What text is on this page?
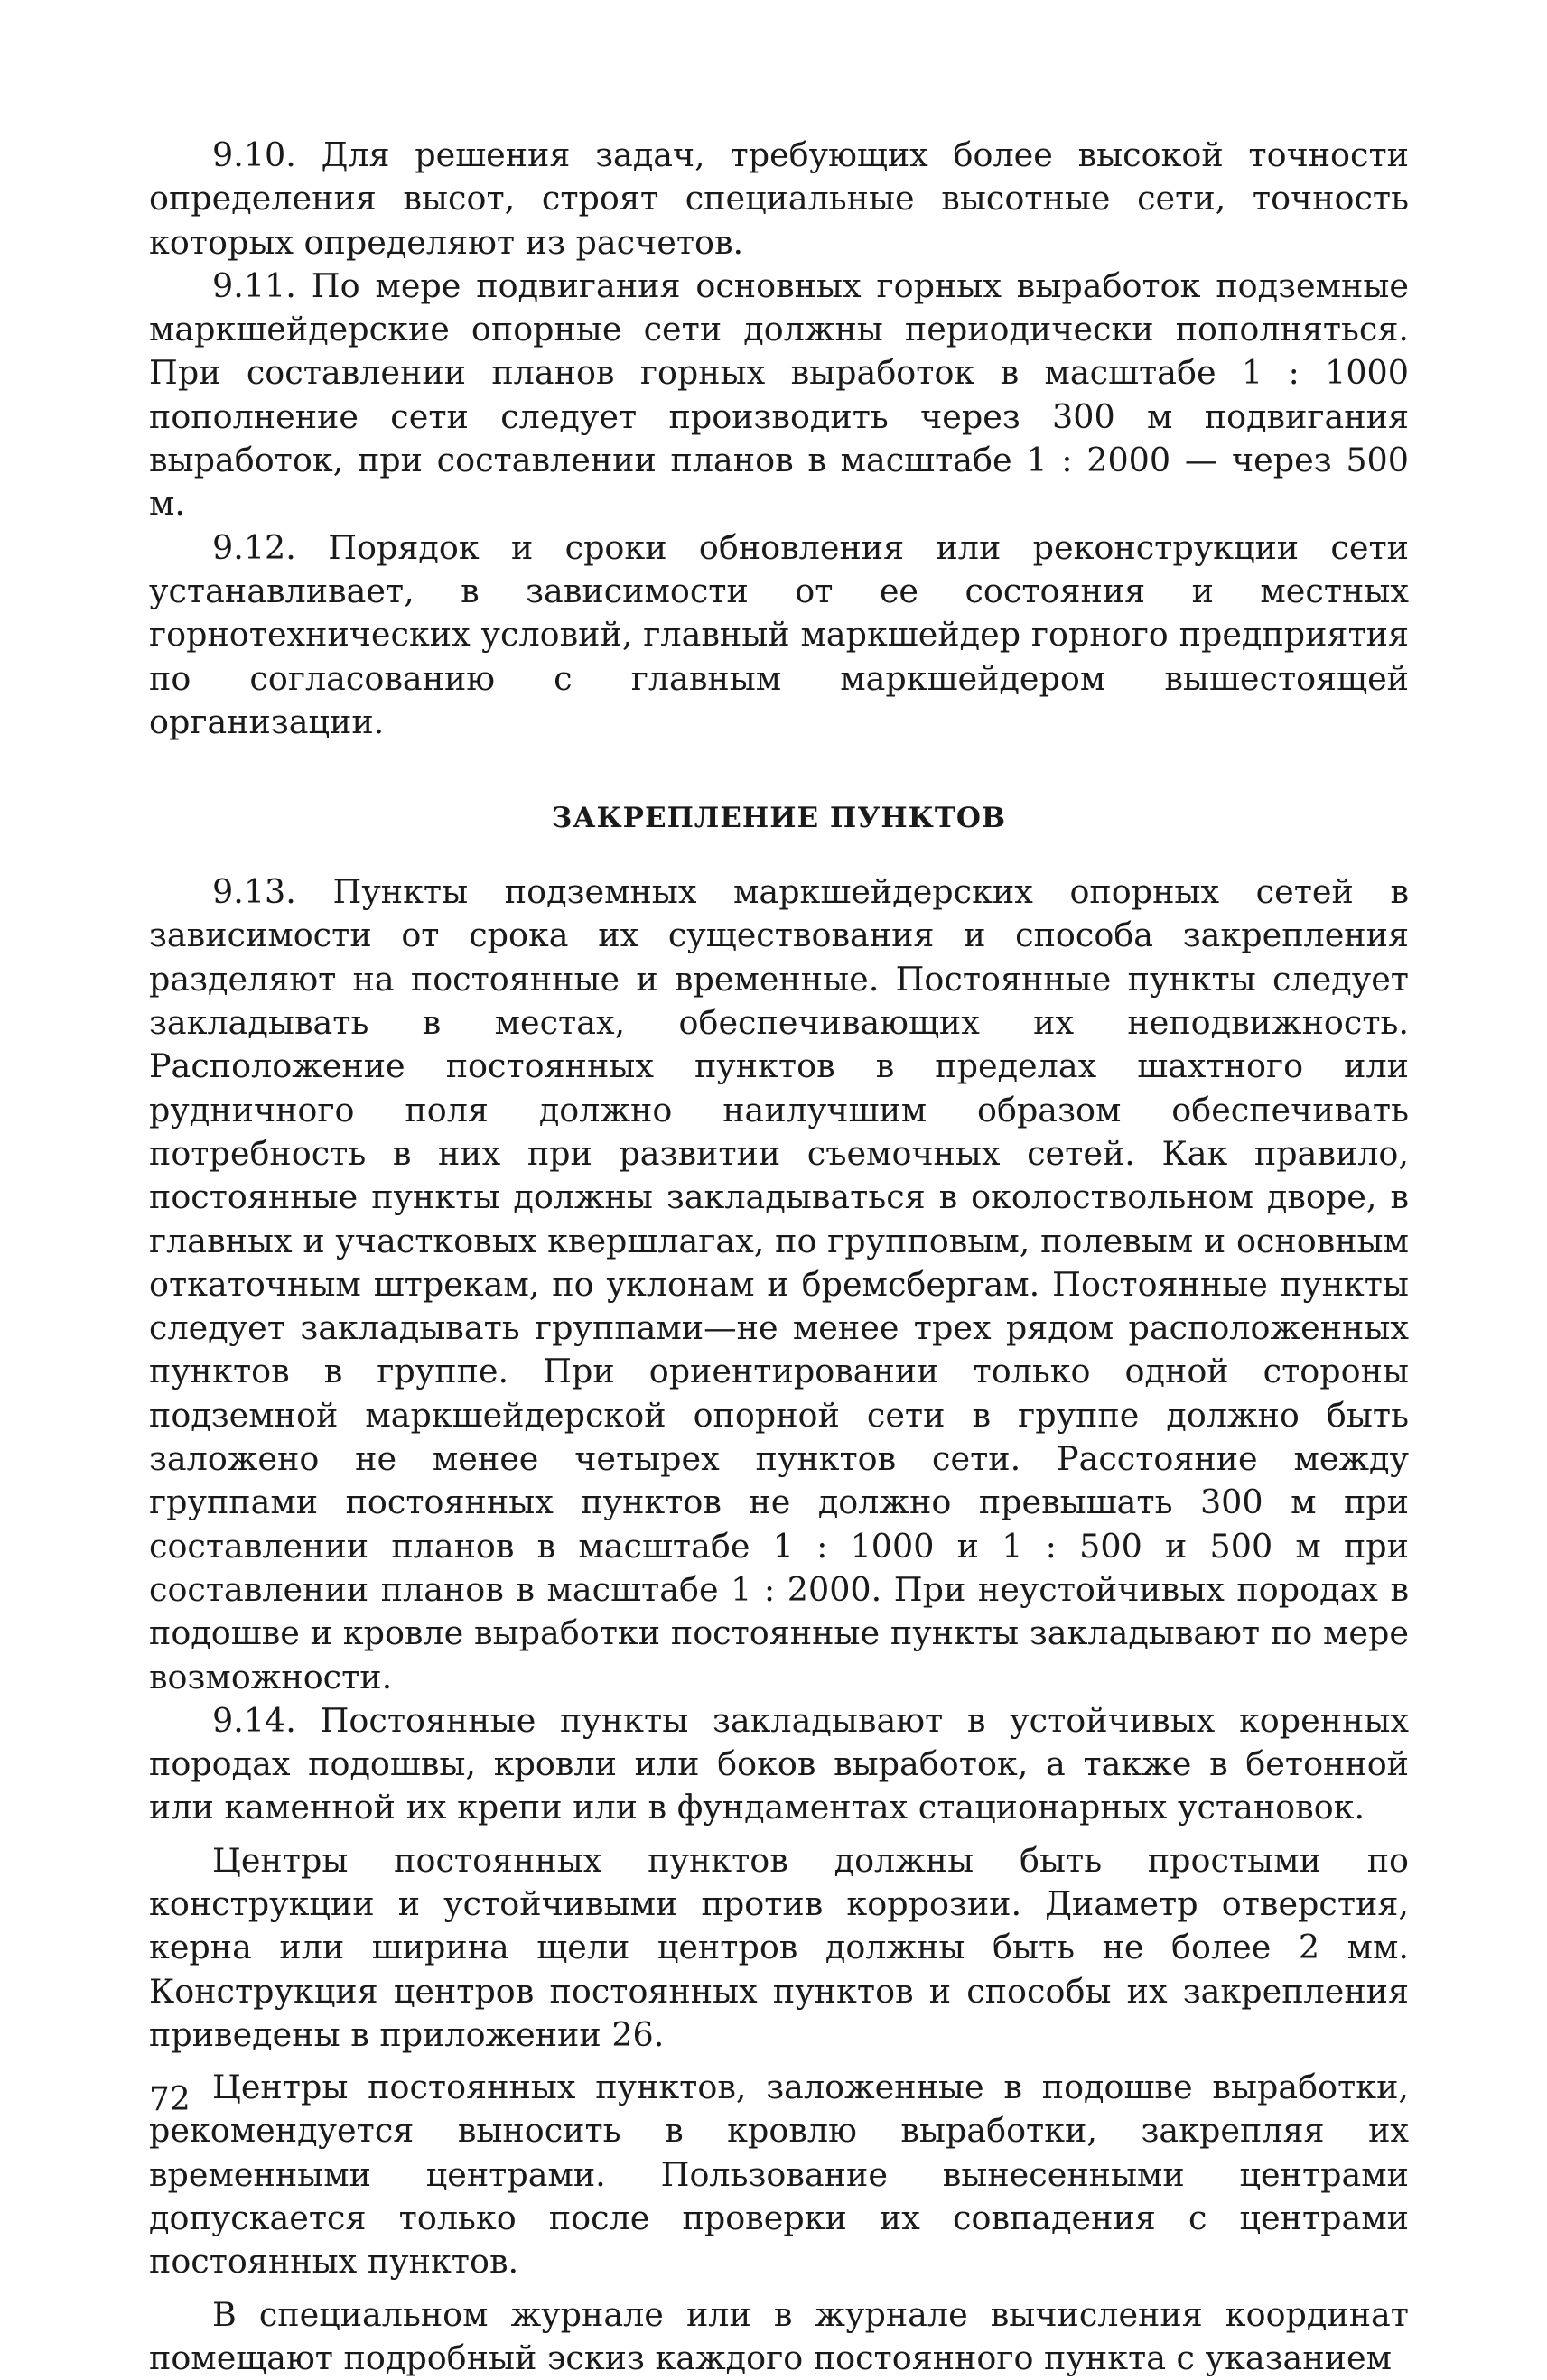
9.10. Для решения задач, требующих более высокой точности определения высот, строят специальные высотные сети, точность которых определяют из расчетов.

9.11. По мере подвигания основных горных выработок подземные маркшейдерские опорные сети должны периодически пополняться. При составлении планов горных выработок в масштабе 1 : 1000 пополнение сети следует производить через 300 м подвигания выработок, при составлении планов в масштабе 1 : 2000 — через 500 м.

9.12. Порядок и сроки обновления или реконструкции сети устанавливает, в зависимости от ее состояния и местных горнотехнических условий, главный маркшейдер горного предприятия по согласованию с главным маркшейдером вышестоящей организации.

ЗАКРЕПЛЕНИЕ ПУНКТОВ

9.13. Пункты подземных маркшейдерских опорных сетей в зависимости от срока их существования и способа закрепления разделяют на постоянные и временные. Постоянные пункты следует закладывать в местах, обеспечивающих их неподвижность. Расположение постоянных пунктов в пределах шахтного или рудничного поля должно наилучшим образом обеспечивать потребность в них при развитии съемочных сетей. Как правило, постоянные пункты должны закладываться в околоствольном дворе, в главных и участковых квершлагах, по групповым, полевым и основным откаточным штрекам, по уклонам и бремсбергам. Постоянные пункты следует закладывать группами—не менее трех рядом расположенных пунктов в группе. При ориентировании только одной стороны подземной маркшейдерской опорной сети в группе должно быть заложено не менее четырех пунктов сети. Расстояние между группами постоянных пунктов не должно превышать 300 м при составлении планов в масштабе 1 : 1000 и 1 : 500 и 500 м при составлении планов в масштабе 1 : 2000. При неустойчивых породах в подошве и кровле выработки постоянные пункты закладывают по мере возможности.

9.14. Постоянные пункты закладывают в устойчивых коренных породах подошвы, кровли или боков выработок, а также в бетонной или каменной их крепи или в фундаментах стационарных установок.

Центры постоянных пунктов должны быть простыми по конструкции и устойчивыми против коррозии. Диаметр отверстия, керна или ширина щели центров должны быть не более 2 мм. Конструкция центров постоянных пунктов и способы их закрепления приведены в приложении 26.

Центры постоянных пунктов, заложенные в подошве выработки, рекомендуется выносить в кровлю выработки, закрепляя их временными центрами. Пользование вынесенными центрами допускается только после проверки их совпадения с центрами постоянных пунктов.

В специальном журнале или в журнале вычисления координат помещают подробный эскиз каждого постоянного пункта с указанием

72
